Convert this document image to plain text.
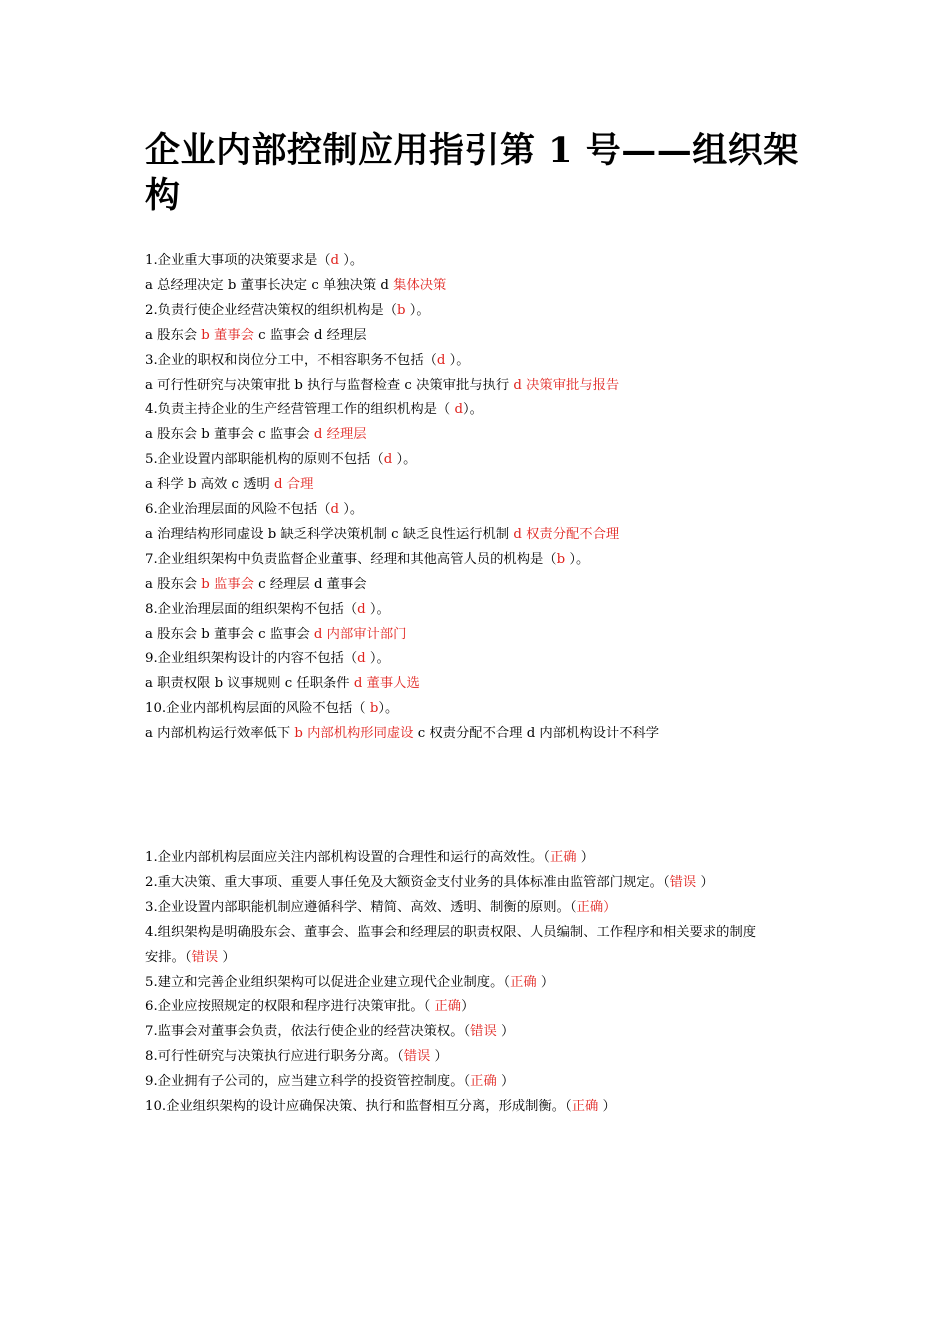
企业内部控制应用指引第 1 号——组织架构
1.企业重大事项的决策要求是（d ）。
a 总经理决定 b 董事长决定 c 单独决策 d 集体决策
2.负责行使企业经营决策权的组织机构是（b ）。
a 股东会 b 董事会 c 监事会 d 经理层
3.企业的职权和岗位分工中，不相容职务不包括（d ）。
a 可行性研究与决策审批 b 执行与监督检查 c 决策审批与执行 d 决策审批与报告
4.负责主持企业的生产经营管理工作的组织机构是（ d）。
a 股东会 b 董事会 c 监事会 d 经理层
5.企业设置内部职能机构的原则不包括（d ）。
a 科学 b 高效 c 透明 d 合理
6.企业治理层面的风险不包括（d ）。
a 治理结构形同虚设 b 缺乏科学决策机制 c 缺乏良性运行机制 d 权责分配不合理
7.企业组织架构中负责监督企业董事、经理和其他高管人员的机构是（b ）。
a 股东会 b 监事会 c 经理层 d 董事会
8.企业治理层面的组织架构不包括（d ）。
a 股东会 b 董事会 c 监事会 d 内部审计部门
9.企业组织架构设计的内容不包括（d ）。
a 职责权限 b 议事规则 c 任职条件 d 董事人选
10.企业内部机构层面的风险不包括（ b）。
a 内部机构运行效率低下 b 内部机构形同虚设 c 权责分配不合理 d 内部机构设计不科学
1.企业内部机构层面应关注内部机构设置的合理性和运行的高效性。（正确 ）
2.重大决策、重大事项、重要人事任免及大额资金支付业务的具体标准由监管部门规定。（错误 ）
3.企业设置内部职能机制应遵循科学、精简、高效、透明、制衡的原则。（正确）
4.组织架构是明确股东会、董事会、监事会和经理层的职责权限、人员编制、工作程序和相关要求的制度
安排。（错误 ）
5.建立和完善企业组织架构可以促进企业建立现代企业制度。（正确 ）
6.企业应按照规定的权限和程序进行决策审批。（ 正确）
7.监事会对董事会负责，依法行使企业的经营决策权。（错误 ）
8.可行性研究与决策执行应进行职务分离。（错误 ）
9.企业拥有子公司的，应当建立科学的投资管控制度。（正确 ）
10.企业组织架构的设计应确保决策、执行和监督相互分离，形成制衡。（正确 ）
